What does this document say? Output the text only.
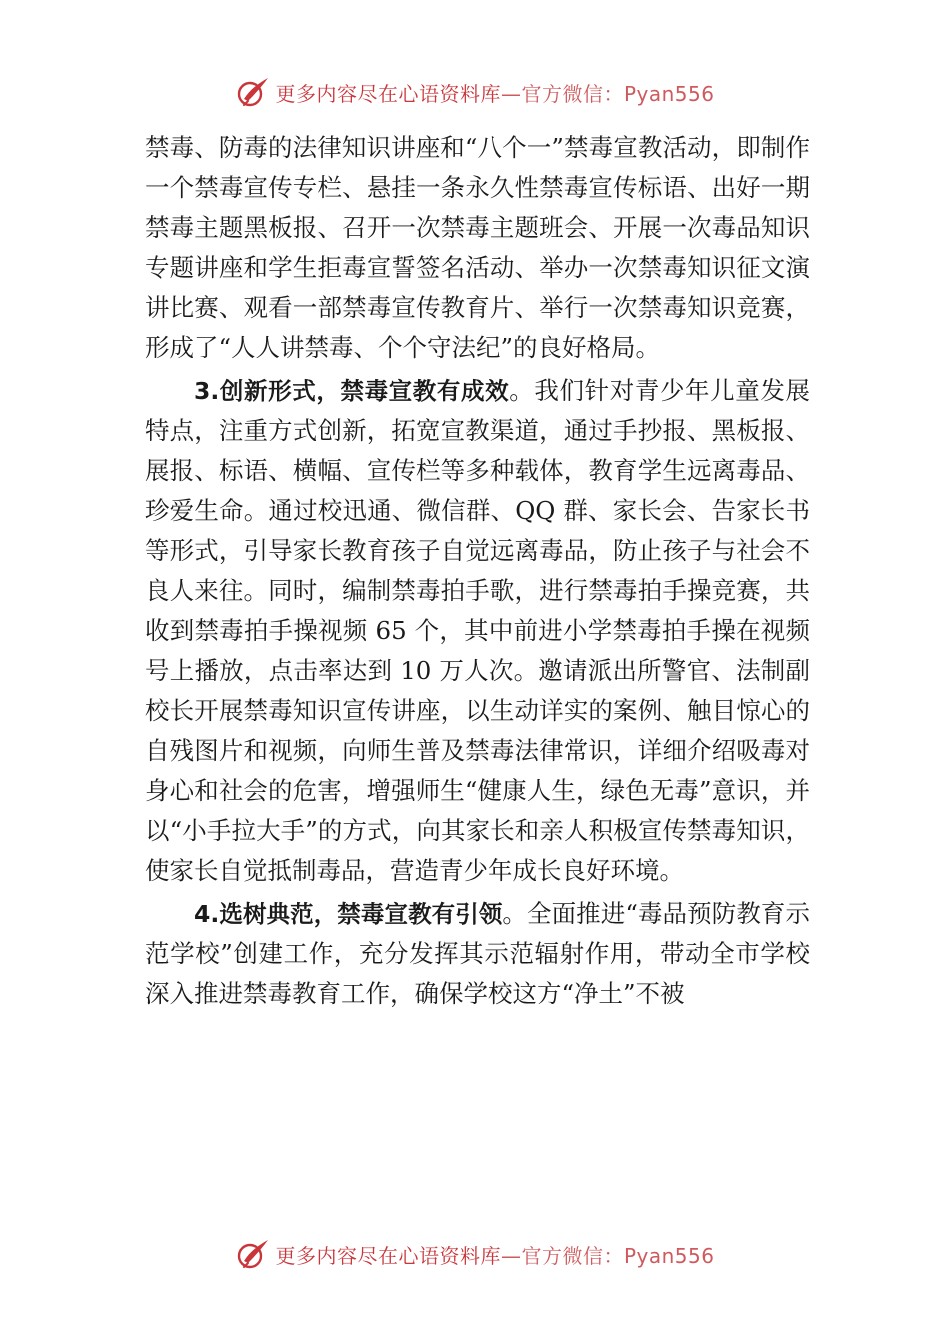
更多内容尽在心语资料库—官方微信：Pyan556

禁毒、防毒的法律知识讲座和“八个一”禁毒宣教活动，即制作一个禁毒宣传专栏、悬挂一条永久性禁毒宣传标语、出好一期禁毒主题黑板报、召开一次禁毒主题班会、开展一次毒品知识专题讲座和学生拒毒宣誓签名活动、举办一次禁毒知识征文演讲比赛、观看一部禁毒宣传教育片、举行一次禁毒知识竞赛，形成了“人人讲禁毒、个个守法纪”的良好格局。

3.创新形式，禁毒宣教有成效。我们针对青少年儿童发展特点，注重方式创新，拓宽宣教渠道，通过手抄报、黑板报、展报、标语、横幅、宣传栏等多种载体，教育学生远离毒品、珍爱生命。通过校迅通、微信群、QQ 群、家长会、告家长书等形式，引导家长教育孩子自觉远离毒品，防止孩子与社会不良人来往。同时，编制禁毒拍手歌，进行禁毒拍手操竞赛，共收到禁毒拍手操视频 65 个，其中前进小学禁毒拍手操在视频号上播放，点击率达到 10 万人次。邀请派出所警官、法制副校长开展禁毒知识宣传讲座，以生动详实的案例、触目惊心的自残图片和视频，向师生普及禁毒法律常识，详细介绍吸毒对身心和社会的危害，增强师生“健康人生，绿色无毒”意识，并以“小手拉大手”的方式，向其家长和亲人积极宣传禁毒知识，使家长自觉抵制毒品，营造青少年成长良好环境。

4.选树典范，禁毒宣教有引领。全面推进“毒品预防教育示范学校”创建工作，充分发挥其示范辐射作用，带动全市学校深入推进禁毒教育工作，确保学校这方“净土”不被

更多内容尽在心语资料库—官方微信：Pyan556
